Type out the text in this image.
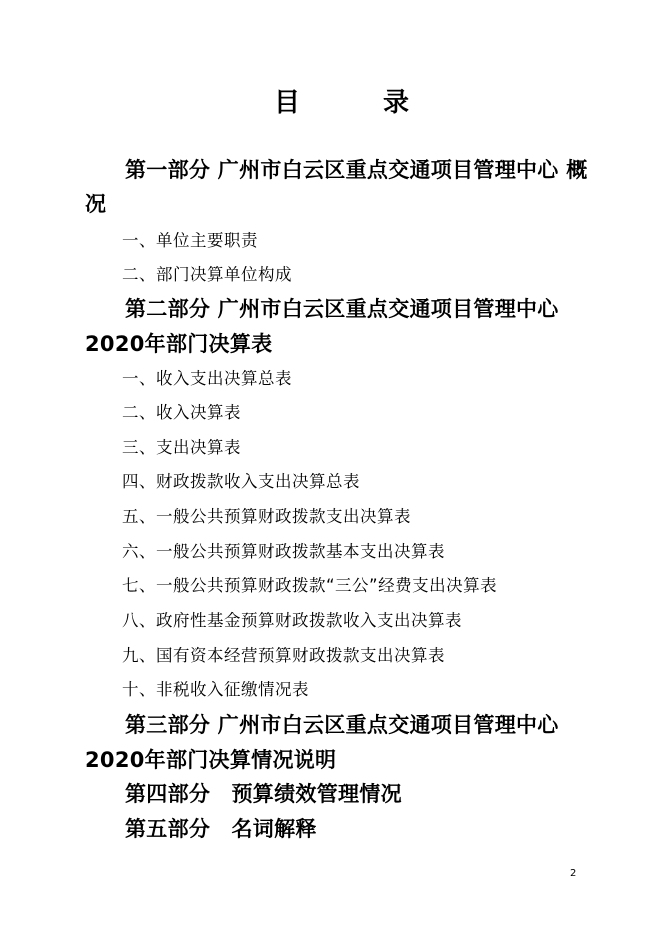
目	录
第一部分 广州市白云区重点交通项目管理中心 概
况
一、单位主要职责
二、部门决算单位构成
第二部分 广州市白云区重点交通项目管理中心
2020年部门决算表
一、收入支出决算总表
二、收入决算表
三、支出决算表
四、财政拨款收入支出决算总表
五、一般公共预算财政拨款支出决算表
六、一般公共预算财政拨款基本支出决算表
七、一般公共预算财政拨款“三公”经费支出决算表
八、政府性基金预算财政拨款收入支出决算表
九、国有资本经营预算财政拨款支出决算表
十、非税收入征缴情况表
第三部分 广州市白云区重点交通项目管理中心
2020年部门决算情况说明
第四部分　预算绩效管理情况
第五部分　名词解释
2
